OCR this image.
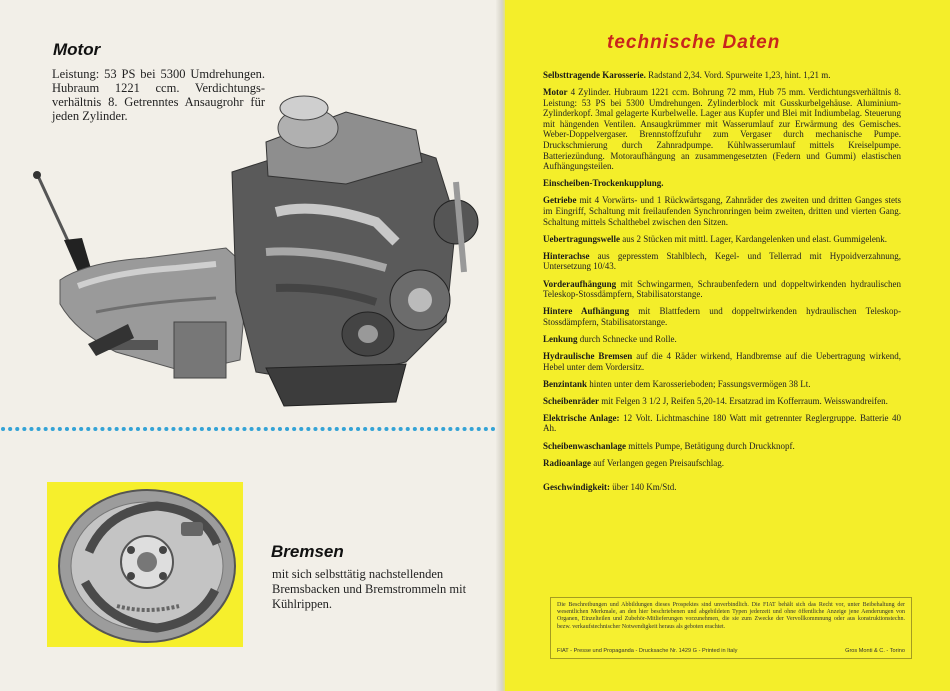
Motor
Leistung: 53 PS bei 5300 Umdrehungen. Hubraum 1221 ccm. Verdichtungsverhältnis 8. Getrenntes Ansaugrohr für jeden Zylinder.
Bremsen
mit sich selbsttätig nachstellenden Bremsbacken und Bremstrommeln mit Kühlrippen.
technische Daten

Selbsttragende Karosserie. Radstand 2,34. Vord. Spurweite 1,23, hint. 1,21 m.

Motor 4 Zylinder. Hubraum 1221 ccm. Bohrung 72 mm, Hub 75 mm. Verdichtungsverhältnis 8. Leistung: 53 PS bei 5300 Umdrehungen. Zylinderblock mit Gusskurbelgehäuse. Aluminium-Zylinderkopf. 3mal gelagerte Kurbelwelle. Lager aus Kupfer und Blei mit Indiumbelag. Steuerung mit hängenden Ventilen. Ansaugkrümmer mit Wasserumlauf zur Erwärmung des Gemisches. Weber-Doppelvergaser. Brennstoffzufuhr zum Vergaser durch mechanische Pumpe. Druckschmierung durch Zahnradpumpe. Kühlwasserumlauf mittels Kreiselpumpe. Batteriezündung. Motoraufhängung an zusammengesetzten (Federn und Gummi) elastischen Aufhängungsteilen.

Einscheiben-Trockenkupplung.

Getriebe mit 4 Vorwärts- und 1 Rückwärtsgang, Zahnräder des zweiten und dritten Ganges stets im Eingriff, Schaltung mit freilaufenden Synchronringen beim zweiten, dritten und vierten Gang. Schaltung mittels Schalthebel zwischen den Sitzen.

Uebertragungswelle aus 2 Stücken mit mittl. Lager, Kardangelenken und elast. Gummigelenk.

Hinterachse aus gepresstem Stahlblech, Kegel- und Tellerrad mit Hypoidverzahnung, Untersetzung 10/43.

Vorderaufhängung mit Schwingarmen, Schraubenfedern und doppeltwirkenden hydraulischen Teleskop-Stossdämpfern, Stabilisatorstange.

Hintere Aufhängung mit Blattfedern und doppeltwirkenden hydraulischen Teleskop-Stossdämpfern, Stabilisatorstange.

Lenkung durch Schnecke und Rolle.

Hydraulische Bremsen auf die 4 Räder wirkend, Handbremse auf die Uebertragung wirkend, Hebel unter dem Vordersitz.

Benzintank hinten unter dem Karosserieboden; Fassungsvermögen 38 Lt.

Scheibenräder mit Felgen 3 1/2 J, Reifen 5,20-14. Ersatzrad im Kofferraum. Weisswandreifen.

Elektrische Anlage: 12 Volt. Lichtmaschine 180 Watt mit getrennter Reglergruppe. Batterie 40 Ah.

Scheibenwaschanlage mittels Pumpe, Betätigung durch Druckknopf.

Radioanlage auf Verlangen gegen Preisaufschlag.

Geschwindigkeit: über 140 Km/Std.

Die Beschreibungen und Abbildungen dieses Prospektes sind unverbindlich. Die FIAT behält sich das Recht vor, unter Beibehaltung der wesentlichen Merkmale, an den hier beschriebenen und abgebildeten Typen jederzeit und ohne öffentliche Anzeige jene Aenderungen von Organen, Einzelteilen und Zubehör-Mitlieferungen vorzunehmen, die sie zum Zwecke der Vervollkommnung oder aus konstruktionstechn. bezw. verkaufstechnischer Notwendigkeit heraus als geboten erachtet.

FIAT - Presse und Propaganda - Drucksache Nr. 1429 G - Printed in Italy	Gros Monti & C. - Torino
